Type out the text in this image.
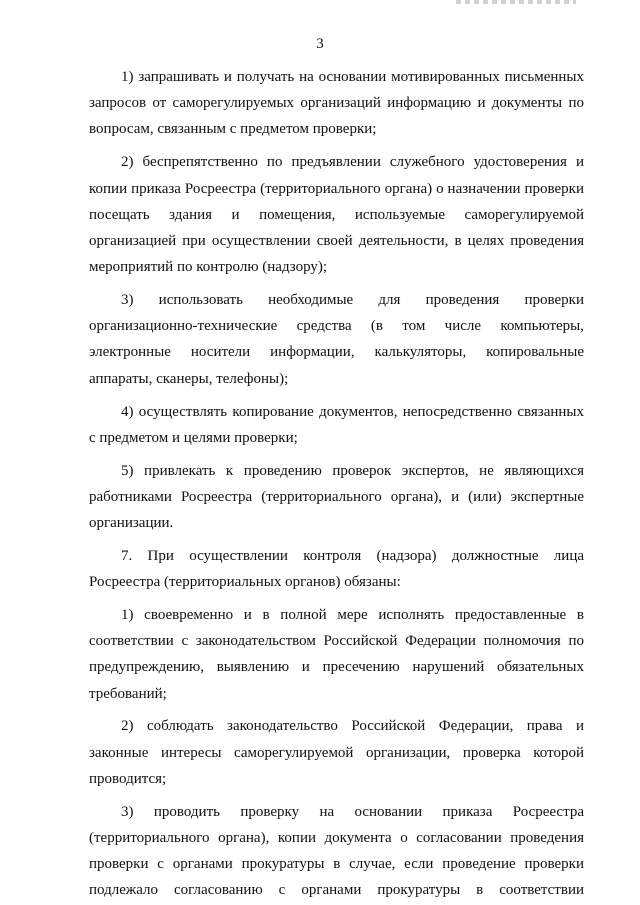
3

1) запрашивать и получать на основании мотивированных письменных запросов от саморегулируемых организаций информацию и документы по вопросам, связанным с предметом проверки;

2) беспрепятственно по предъявлении служебного удостоверения и копии приказа Росреестра (территориального органа) о назначении проверки посещать здания и помещения, используемые саморегулируемой организацией при осуществлении своей деятельности, в целях проведения мероприятий по контролю (надзору);

3) использовать необходимые для проведения проверки организационно-технические средства (в том числе компьютеры, электронные носители информации, калькуляторы, копировальные аппараты, сканеры, телефоны);

4) осуществлять копирование документов, непосредственно связанных с предметом и целями проверки;

5) привлекать к проведению проверок экспертов, не являющихся работниками Росреестра (территориального органа), и (или) экспертные организации.

7. При осуществлении контроля (надзора) должностные лица Росреестра (территориальных органов) обязаны:

1) своевременно и в полной мере исполнять предоставленные в соответствии с законодательством Российской Федерации полномочия по предупреждению, выявлению и пресечению нарушений обязательных требований;

2) соблюдать законодательство Российской Федерации, права и законные интересы саморегулируемой организации, проверка которой проводится;

3) проводить проверку на основании приказа Росреестра (территориального органа), копии документа о согласовании проведения проверки с органами прокуратуры в случае, если проведение проверки подлежало согласованию с органами прокуратуры в соответствии
